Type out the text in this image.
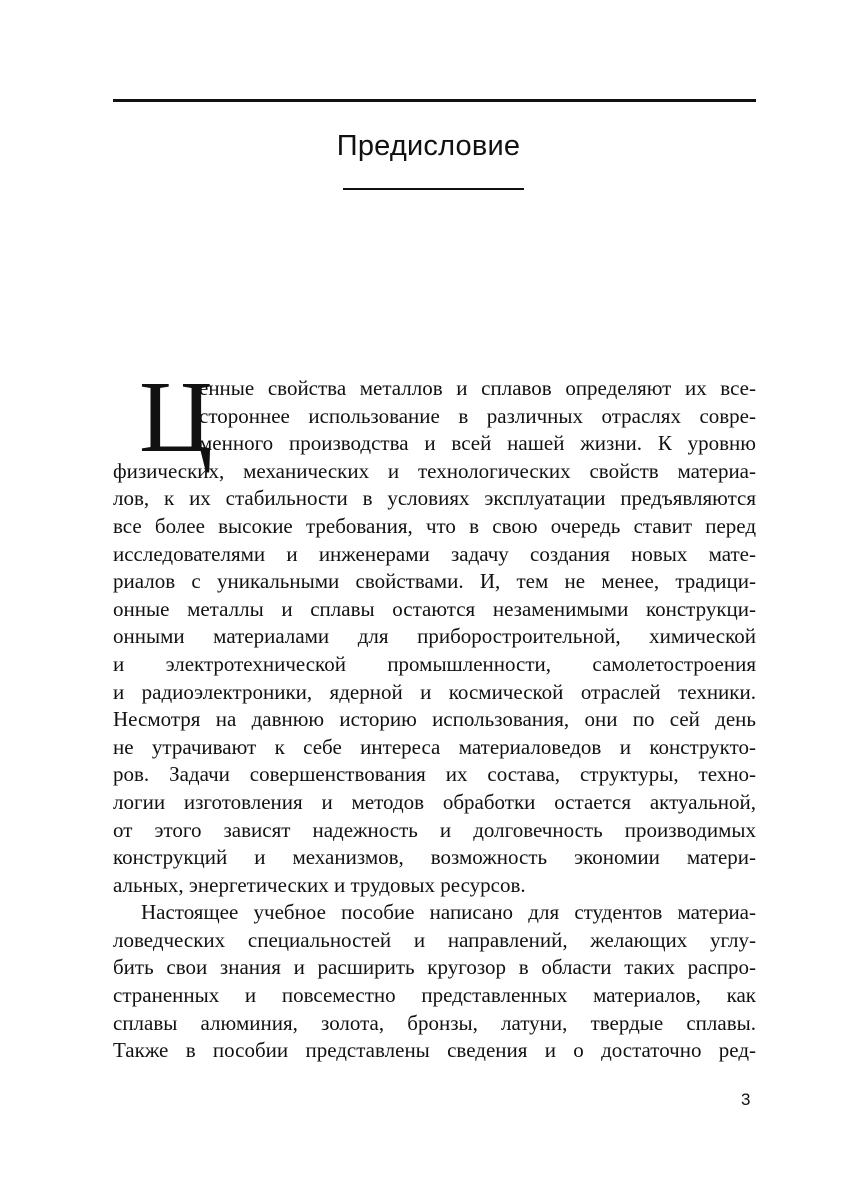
Предисловие
Ц
енные свойства металлов и сплавов определяют их все-
стороннее использование в различных отраслях совре-
менного производства и всей нашей жизни. К уровню
физических, механических и технологических свойств материа-
лов, к их стабильности в условиях эксплуатации предъявляются
все более высокие требования, что в свою очередь ставит перед
исследователями и инженерами задачу создания новых мате-
риалов с уникальными свойствами. И, тем не менее, традици-
онные металлы и сплавы остаются незаменимыми конструкци-
онными материалами для приборостроительной, химической
и электротехнической промышленности, самолетостроения
и радиоэлектроники, ядерной и космической отраслей техники.
Несмотря на давнюю историю использования, они по сей день
не утрачивают к себе интереса материаловедов и конструкто-
ров. Задачи совершенствования их состава, структуры, техно-
логии изготовления и методов обработки остается актуальной,
от этого зависят надежность и долговечность производимых
конструкций и механизмов, возможность экономии матери-
альных, энергетических и трудовых ресурсов.
Настоящее учебное пособие написано для студентов материа-
ловедческих специальностей и направлений, желающих углу-
бить свои знания и расширить кругозор в области таких распро-
страненных и повсеместно представленных материалов, как
сплавы алюминия, золота, бронзы, латуни, твердые сплавы.
Также в пособии представлены сведения и о достаточно ред-
3
